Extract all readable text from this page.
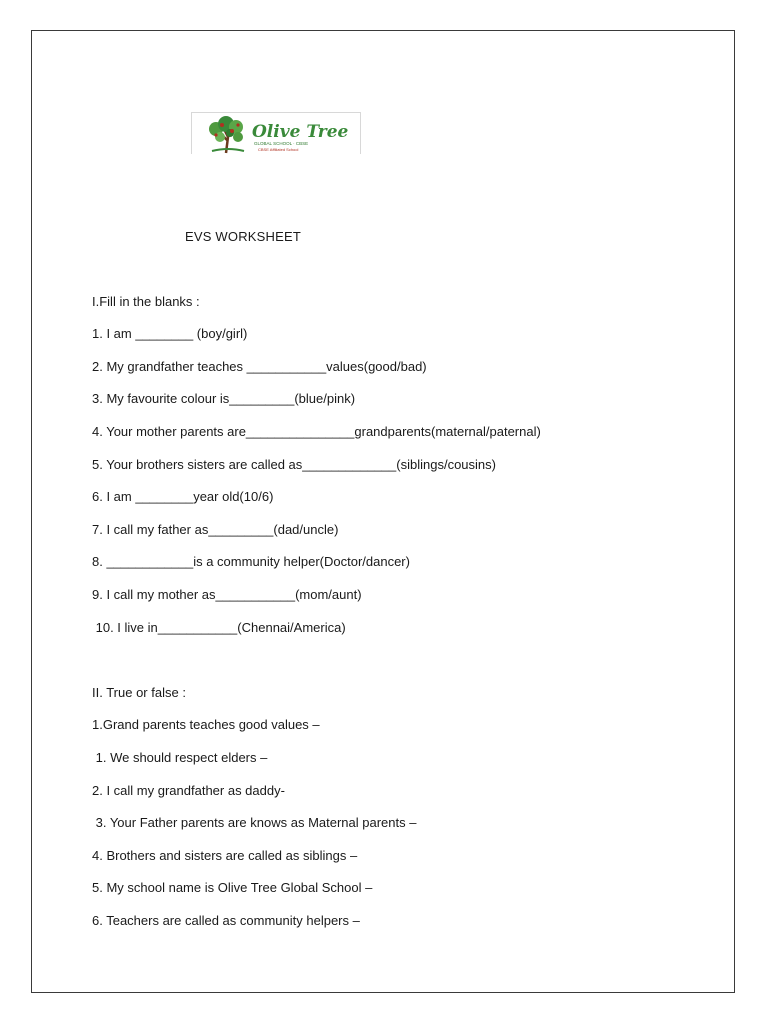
Olive Tree
GLOBAL SCHOOL · CBSE
CBSE Affiliated School
EVS WORKSHEET
I.Fill in the blanks :
1. I am ________ (boy/girl)
2. My grandfather teaches ___________values(good/bad)
3. My favourite colour is_________(blue/pink)
4. Your mother parents are_______________grandparents(maternal/paternal)
5. Your brothers sisters are called as_____________(siblings/cousins)
6. I am ________year old(10/6)
7. I call my father as_________(dad/uncle)
8. ____________is a community helper(Doctor/dancer)
9. I call my mother as___________(mom/aunt)
10. I live in___________(Chennai/America)
II. True or false :
1.Grand parents teaches good values –
1. We should respect elders –
2. I call my grandfather as daddy-
3. Your Father parents are knows as Maternal parents –
4. Brothers and sisters are called as siblings –
5. My school name is Olive Tree Global School –
6. Teachers are called as community helpers –
